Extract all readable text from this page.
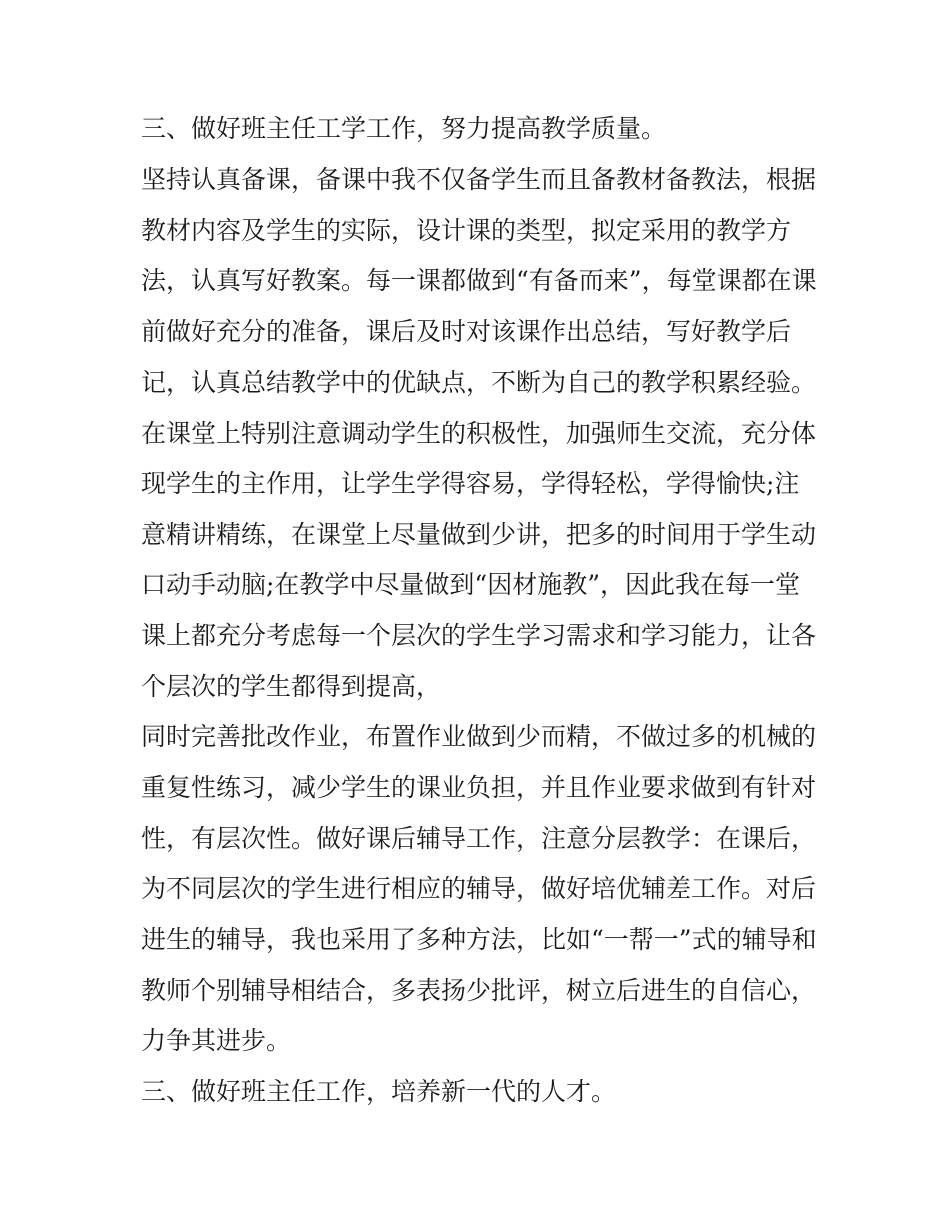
三、做好班主任工学工作，努力提高教学质量。
坚持认真备课，备课中我不仅备学生而且备教材备教法，根据
教材内容及学生的实际，设计课的类型，拟定采用的教学方
法，认真写好教案。每一课都做到“有备而来”，每堂课都在课
前做好充分的准备，课后及时对该课作出总结，写好教学后
记，认真总结教学中的优缺点，不断为自己的教学积累经验。
在课堂上特别注意调动学生的积极性，加强师生交流，充分体
现学生的主作用，让学生学得容易，学得轻松，学得愉快;注
意精讲精练，在课堂上尽量做到少讲，把多的时间用于学生动
口动手动脑;在教学中尽量做到“因材施教”，因此我在每一堂
课上都充分考虑每一个层次的学生学习需求和学习能力，让各
个层次的学生都得到提高，
同时完善批改作业，布置作业做到少而精，不做过多的机械的
重复性练习，减少学生的课业负担，并且作业要求做到有针对
性，有层次性。做好课后辅导工作，注意分层教学：在课后，
为不同层次的学生进行相应的辅导，做好培优辅差工作。对后
进生的辅导，我也采用了多种方法，比如“一帮一”式的辅导和
教师个别辅导相结合，多表扬少批评，树立后进生的自信心，
力争其进步。
三、做好班主任工作，培养新一代的人才。
